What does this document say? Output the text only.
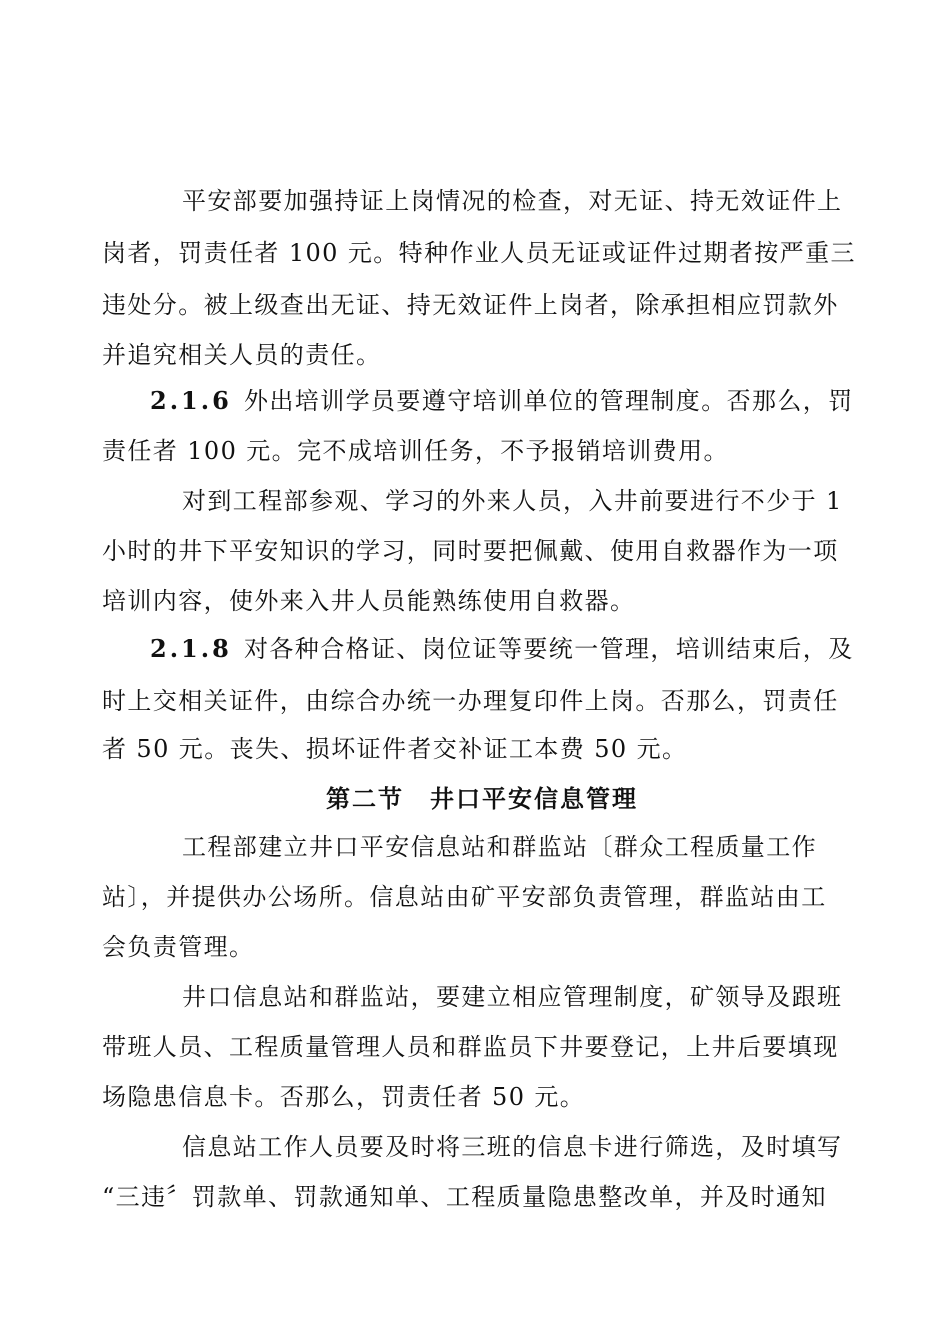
平安部要加强持证上岗情况的检查，对无证、持无效证件上
岗者，罚责任者 100 元。特种作业人员无证或证件过期者按严重三
违处分。被上级查出无证、持无效证件上岗者，除承担相应罚款外
并追究相关人员的责任。
2.1.6 外出培训学员要遵守培训单位的管理制度。否那么，罚
责任者 100 元。完不成培训任务，不予报销培训费用。
对到工程部参观、学习的外来人员，入井前要进行不少于 1
小时的井下平安知识的学习，同时要把佩戴、使用自救器作为一项
培训内容，使外来入井人员能熟练使用自救器。
2.1.8 对各种合格证、岗位证等要统一管理，培训结束后，及
时上交相关证件，由综合办统一办理复印件上岗。否那么，罚责任
者 50 元。丧失、损坏证件者交补证工本费 50 元。
第二节　井口平安信息管理
工程部建立井口平安信息站和群监站〔群众工程质量工作
站〕，并提供办公场所。信息站由矿平安部负责管理，群监站由工
会负责管理。
井口信息站和群监站，要建立相应管理制度，矿领导及跟班
带班人员、工程质量管理人员和群监员下井要登记，上井后要填现
场隐患信息卡。否那么，罚责任者 50 元。
信息站工作人员要及时将三班的信息卡进行筛选，及时填写
“三违〞罚款单、罚款通知单、工程质量隐患整改单，并及时通知
